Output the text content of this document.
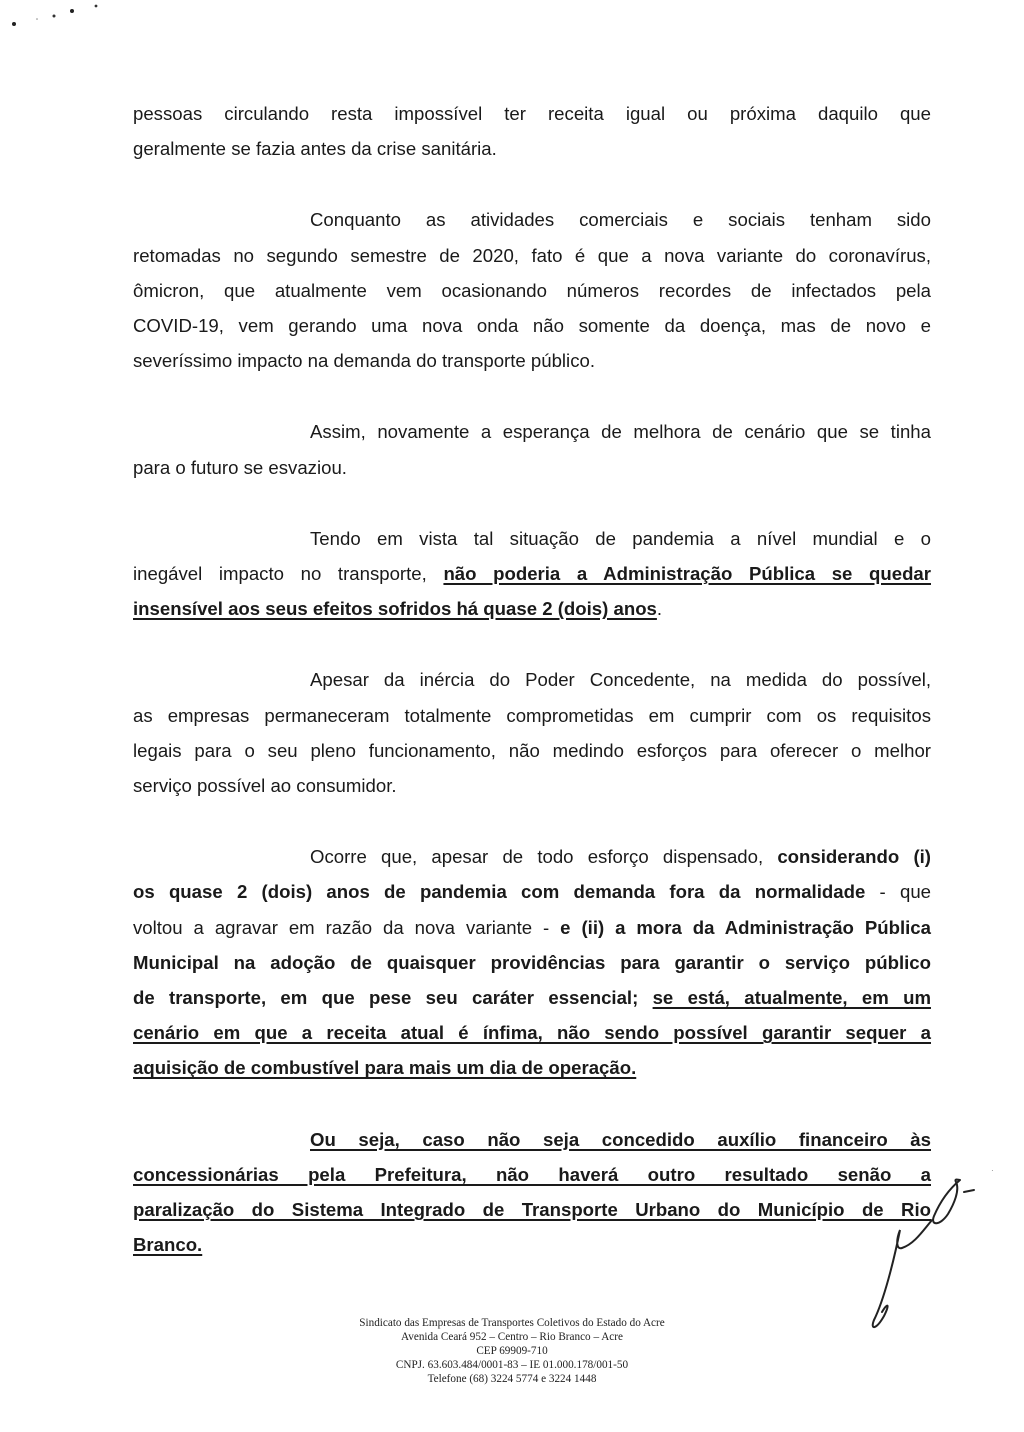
pessoas circulando resta impossível ter receita igual ou próxima daquilo que
geralmente se fazia antes da crise sanitária.

Conquanto as atividades comerciais e sociais tenham sido
retomadas no segundo semestre de 2020, fato é que a nova variante do coronavírus,
ômicron, que atualmente vem ocasionando números recordes de infectados pela
COVID-19, vem gerando uma nova onda não somente da doença, mas de novo e
severíssimo impacto na demanda do transporte público.

Assim, novamente a esperança de melhora de cenário que se tinha
para o futuro se esvaziou.

Tendo em vista tal situação de pandemia a nível mundial e o
inegável impacto no transporte, não poderia a Administração Pública se quedar
insensível aos seus efeitos sofridos há quase 2 (dois) anos.

Apesar da inércia do Poder Concedente, na medida do possível,
as empresas permaneceram totalmente comprometidas em cumprir com os requisitos
legais para o seu pleno funcionamento, não medindo esforços para oferecer o melhor
serviço possível ao consumidor.

Ocorre que, apesar de todo esforço dispensado, considerando (i)
os quase 2 (dois) anos de pandemia com demanda fora da normalidade - que
voltou a agravar em razão da nova variante - e (ii) a mora da Administração Pública
Municipal na adoção de quaisquer providências para garantir o serviço público
de transporte, em que pese seu caráter essencial; se está, atualmente, em um
cenário em que a receita atual é ínfima, não sendo possível garantir sequer a
aquisição de combustível para mais um dia de operação.

Ou seja, caso não seja concedido auxílio financeiro às
concessionárias pela Prefeitura, não haverá outro resultado senão a
paralização do Sistema Integrado de Transporte Urbano do Município de Rio
Branco.

Sindicato das Empresas de Transportes Coletivos do Estado do Acre
Avenida Ceará 952 – Centro – Rio Branco – Acre
CEP 69909-710
CNPJ. 63.603.484/0001-83 – IE 01.000.178/001-50
Telefone (68) 3224 5774 e 3224 1448
